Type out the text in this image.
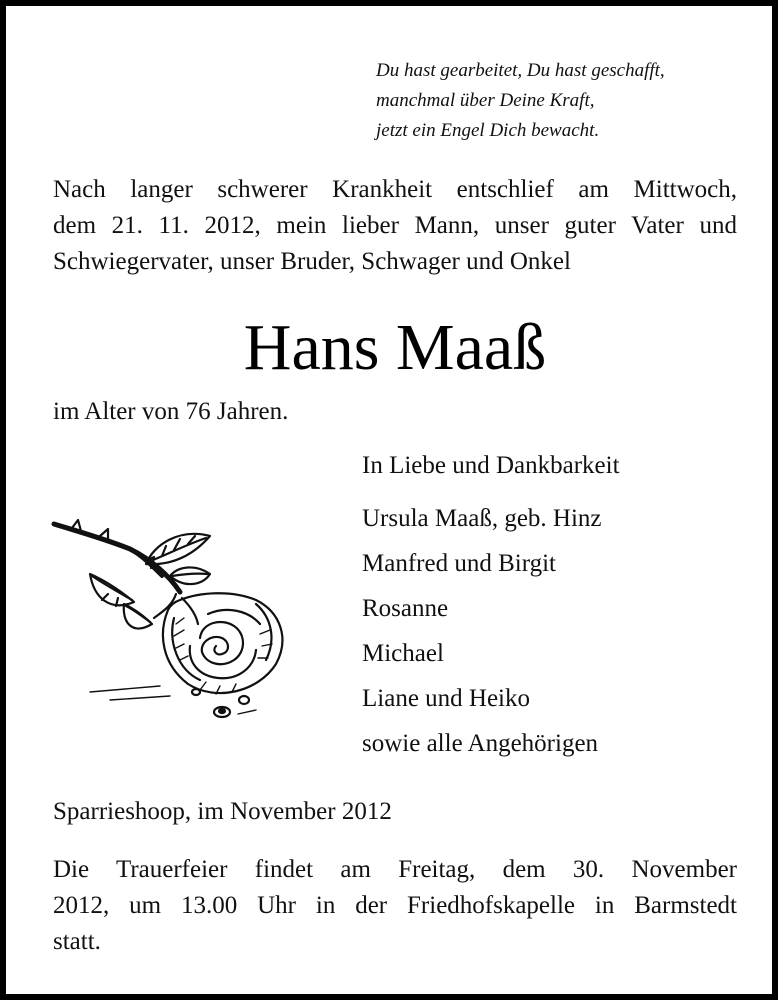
Du hast gearbeitet, Du hast geschafft,
manchmal über Deine Kraft,
jetzt ein Engel Dich bewacht.
Nach langer schwerer Krankheit entschlief am Mittwoch,
dem 21. 11. 2012, mein lieber Mann, unser guter Vater und
Schwiegervater, unser Bruder, Schwager und Onkel
Hans Maaß
im Alter von 76 Jahren.
In Liebe und Dankbarkeit
Ursula Maaß, geb. Hinz
Manfred und Birgit
Rosanne
Michael
Liane und Heiko
sowie alle Angehörigen
Sparrieshoop, im November 2012
Die Trauerfeier findet am Freitag, dem 30. November
2012, um 13.00 Uhr in der Friedhofskapelle in Barmstedt
statt.
